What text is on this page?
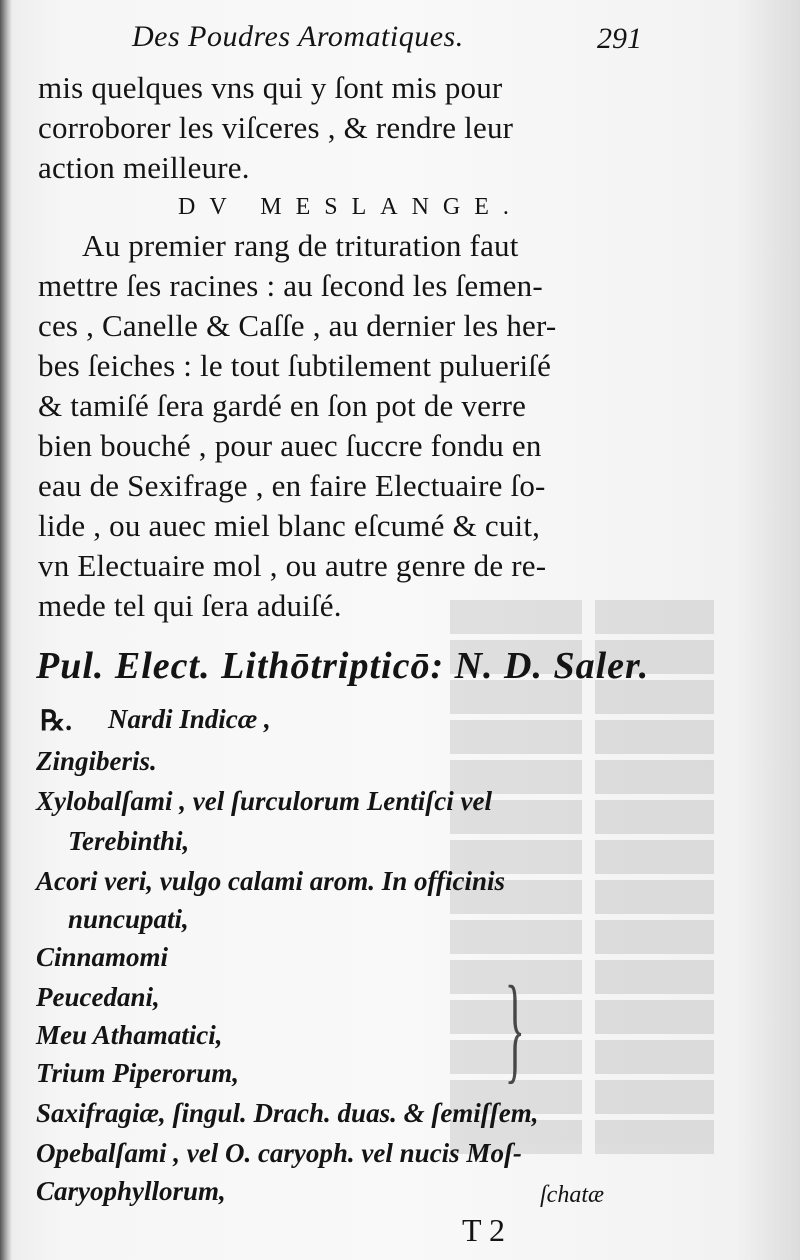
Des Poudres Aromatiques.	291
mis quelques vns qui y ſont mis pour
corroborer les viſceres , & rendre leur
action meilleure.
DV MESLANGE.
Au premier rang de trituration faut
mettre ſes racines : au ſecond les ſemen-
ces , Canelle & Caſſe , au dernier les her-
bes ſeiches : le tout ſubtilement pulueriſé
& tamiſé ſera gardé en ſon pot de verre
bien bouché , pour auec ſuccre fondu en
eau de Sexifrage , en faire Electuaire ſo-
lide , ou auec miel blanc eſcumé & cuit,
vn Electuaire mol , ou autre genre de re-
mede tel qui ſera aduiſé.
Pul. Elect. Lithōtripticō: N. D. Saler.
℞. Nardi Indicæ ,
Zingiberis.
Xylobalſami , vel ſurculorum Lentiſci vel
Terebinthi,
Acori veri, vulgo calami arom. In officinis
nuncupati,
Cinnamomi
Peucedani,
Meu Athamatici,
Trium Piperorum,
Saxifragiæ, ſingul. Drach. duas. & ſemiſſem,
Opebalſami , vel O. caryoph. vel nucis Moſ-
Caryophyllorum,
}
ſchatæ
T 2
